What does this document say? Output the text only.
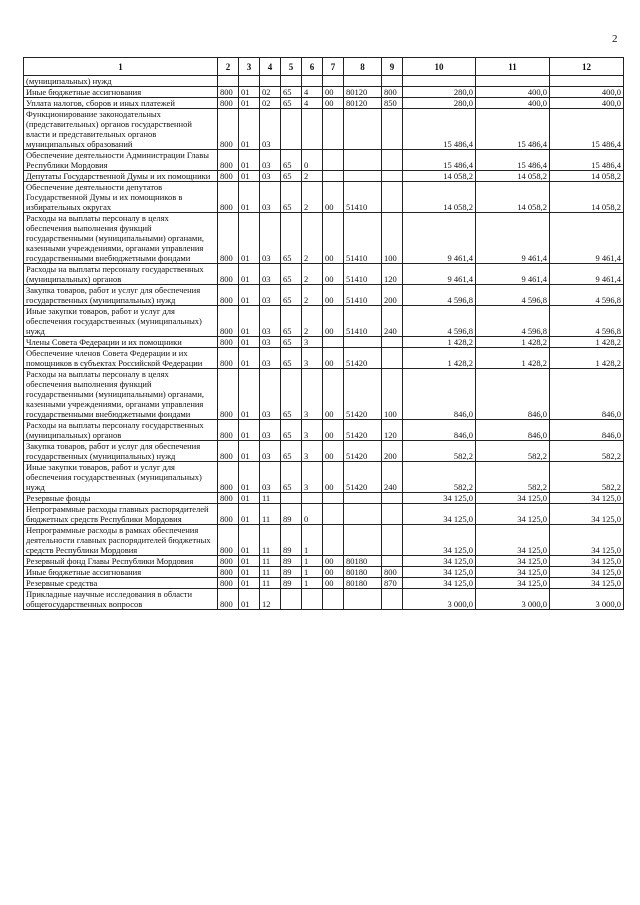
2
1	2	3	4	5	6	7	8	9	10	11	12
(муниципальных) нужд											
Иные бюджетные ассигнования	800	01	02	65	4	00	80120	800	280,0	400,0	400,0
Уплата налогов, сборов и иных платежей	800	01	02	65	4	00	80120	850	280,0	400,0	400,0
Функционирование законодательных (представительных) органов государственной власти и представительных органов муниципальных образований	800	01	03						15 486,4	15 486,4	15 486,4
Обеспечение деятельности Администрации Главы Республики Мордовия	800	01	03	65	0				15 486,4	15 486,4	15 486,4
Депутаты Государственной Думы и их помощники	800	01	03	65	2				14 058,2	14 058,2	14 058,2
Обеспечение деятельности депутатов Государственной Думы и их помощников в избирательных округах	800	01	03	65	2	00	51410		14 058,2	14 058,2	14 058,2
Расходы на выплаты персоналу в целях обеспечения выполнения функций государственными (муниципальными) органами, казенными учреждениями, органами управления государственными внебюджетными фондами	800	01	03	65	2	00	51410	100	9 461,4	9 461,4	9 461,4
Расходы на выплаты персоналу государственных (муниципальных) органов	800	01	03	65	2	00	51410	120	9 461,4	9 461,4	9 461,4
Закупка товаров, работ и услуг для обеспечения государственных (муниципальных) нужд	800	01	03	65	2	00	51410	200	4 596,8	4 596,8	4 596,8
Иные закупки товаров, работ и услуг для обеспечения государственных (муниципальных) нужд	800	01	03	65	2	00	51410	240	4 596,8	4 596,8	4 596,8
Члены Совета Федерации и их помощники	800	01	03	65	3				1 428,2	1 428,2	1 428,2
Обеспечение членов Совета Федерации и их помощников в субъектах Российской Федерации	800	01	03	65	3	00	51420		1 428,2	1 428,2	1 428,2
Расходы на выплаты персоналу в целях обеспечения выполнения функций государственными (муниципальными) органами, казенными учреждениями, органами управления государственными внебюджетными фондами	800	01	03	65	3	00	51420	100	846,0	846,0	846,0
Расходы на выплаты персоналу государственных (муниципальных) органов	800	01	03	65	3	00	51420	120	846,0	846,0	846,0
Закупка товаров, работ и услуг для обеспечения государственных (муниципальных) нужд	800	01	03	65	3	00	51420	200	582,2	582,2	582,2
Иные закупки товаров, работ и услуг для обеспечения государственных (муниципальных) нужд	800	01	03	65	3	00	51420	240	582,2	582,2	582,2
Резервные фонды	800	01	11						34 125,0	34 125,0	34 125,0
Непрограммные расходы главных распорядителей бюджетных средств Республики Мордовия	800	01	11	89	0				34 125,0	34 125,0	34 125,0
Непрограммные расходы в рамках обеспечения деятельности главных распорядителей бюджетных средств Республики Мордовия	800	01	11	89	1				34 125,0	34 125,0	34 125,0
Резервный фонд Главы Республики Мордовия	800	01	11	89	1	00	80180		34 125,0	34 125,0	34 125,0
Иные бюджетные ассигнования	800	01	11	89	1	00	80180	800	34 125,0	34 125,0	34 125,0
Резервные средства	800	01	11	89	1	00	80180	870	34 125,0	34 125,0	34 125,0
Прикладные научные исследования в области общегосударственных вопросов	800	01	12						3 000,0	3 000,0	3 000,0
